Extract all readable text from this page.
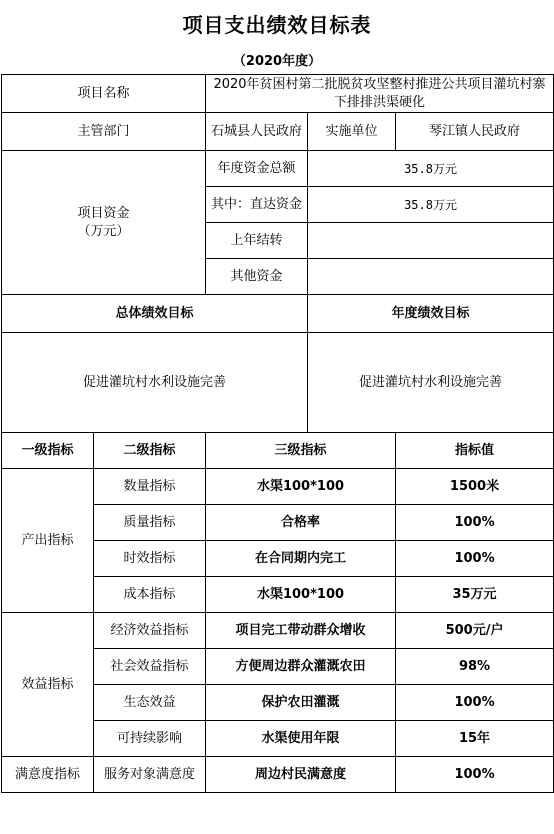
项目支出绩效目标表
（2020年度）
项目名称		2020年贫困村第二批脱贫攻坚整村推进公共项目灌坑村寨下排排洪渠硬化		
主管部门		石城县人民政府	实施单位	琴江镇人民政府
项目资金
（万元）		年度资金总额	35.8万元	
		其中：直达资金	35.8万元	
		上年结转		
		其他资金		
总体绩效目标			年度绩效目标	
促进灌坑村水利设施完善			促进灌坑村水利设施完善	
一级指标	二级指标	三级指标		指标值
产出指标	数量指标	水渠100*100		1500米
	质量指标	合格率		100%
	时效指标	在合同期内完工		100%
	成本指标	水渠100*100		35万元
效益指标	经济效益指标	项目完工带动群众增收		500元/户
	社会效益指标	方便周边群众灌溉农田		98%
	生态效益	保护农田灌溉		100%
	可持续影响	水渠使用年限		15年
满意度指标	服务对象满意度	周边村民满意度		100%
